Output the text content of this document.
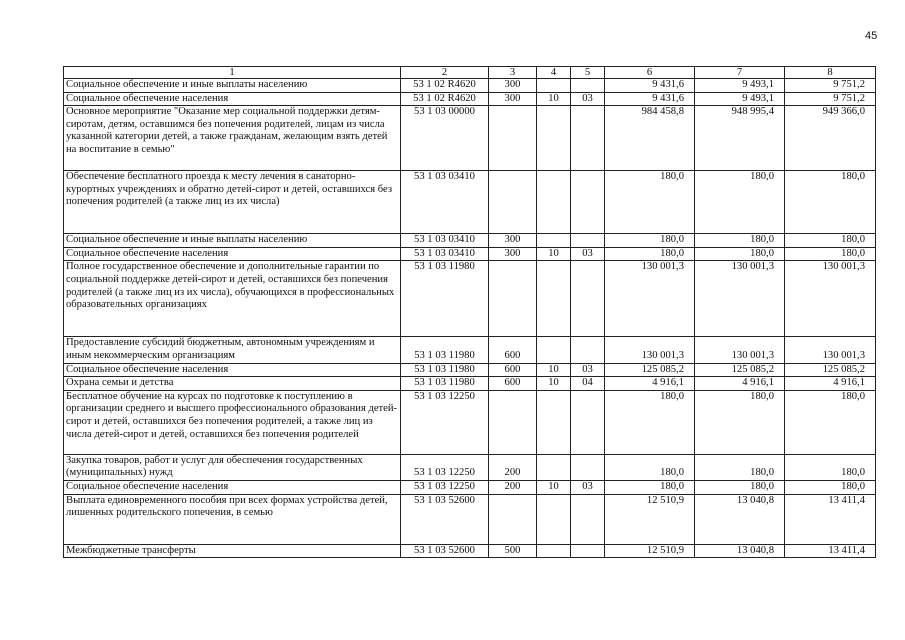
45
1	2	3	4	5	6	7	8
Социальное обеспечение и иные выплаты населению	53 1 02 R4620	300			9 431,6	9 493,1	9 751,2
Социальное обеспечение населения	53 1 02 R4620	300	10	03	9 431,6	9 493,1	9 751,2
Основное мероприятие "Оказание мер социальной поддержки детям-сиротам, детям, оставшимся без попечения родителей, лицам из числа указанной категории детей, а также гражданам, желающим взять детей на воспитание в семью"	53 1 03 00000				984 458,8	948 995,4	949 366,0
Обеспечение бесплатного проезда к месту лечения в санаторно-курортных учреждениях и обратно детей-сирот и детей, оставшихся без попечения родителей (а также лиц из их числа)	53 1 03 03410				180,0	180,0	180,0
Социальное обеспечение и иные выплаты населению	53 1 03 03410	300			180,0	180,0	180,0
Социальное обеспечение населения	53 1 03 03410	300	10	03	180,0	180,0	180,0
Полное государственное обеспечение и дополнительные гарантии по социальной поддержке детей-сирот и детей, оставшихся без попечения родителей (а также лиц из их числа), обучающихся в профессиональных образовательных организациях	53 1 03 11980				130 001,3	130 001,3	130 001,3
Предоставление субсидий бюджетным, автономным учреждениям и иным некоммерческим организациям	53 1 03 11980	600			130 001,3	130 001,3	130 001,3
Социальное обеспечение населения	53 1 03 11980	600	10	03	125 085,2	125 085,2	125 085,2
Охрана семьи и детства	53 1 03 11980	600	10	04	4 916,1	4 916,1	4 916,1
Бесплатное обучение на курсах по подготовке к поступлению в организации среднего и высшего профессионального образования детей-сирот и детей, оставшихся без попечения родителей, а также лиц из числа детей-сирот и детей, оставшихся без попечения родителей	53 1 03 12250				180,0	180,0	180,0
Закупка товаров, работ и услуг для обеспечения государственных (муниципальных) нужд	53 1 03 12250	200			180,0	180,0	180,0
Социальное обеспечение населения	53 1 03 12250	200	10	03	180,0	180,0	180,0
Выплата единовременного пособия при всех формах устройства детей, лишенных родительского попечения, в семью	53 1 03 52600				12 510,9	13 040,8	13 411,4
Межбюджетные трансферты	53 1 03 52600	500			12 510,9	13 040,8	13 411,4
